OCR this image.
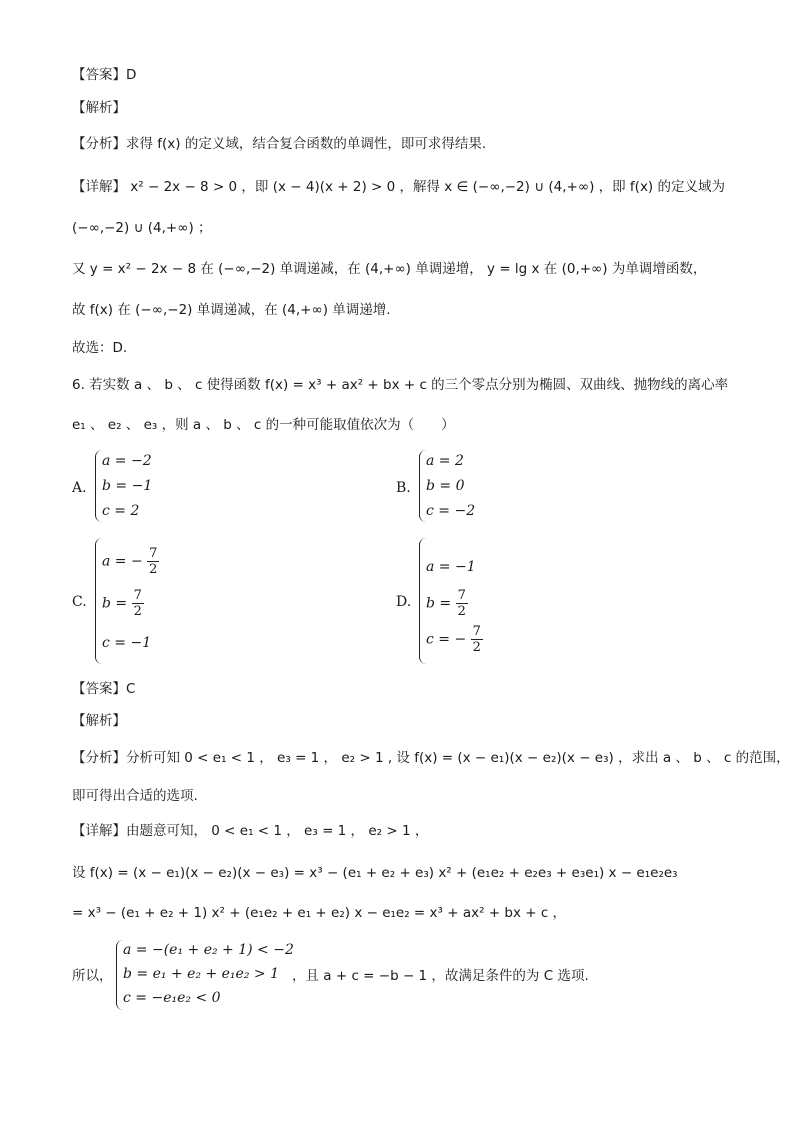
【答案】D
【解析】
【分析】求得 f(x) 的定义域，结合复合函数的单调性，即可求得结果.
【详解】 x² − 2x − 8 > 0 ，即 (x − 4)(x + 2) > 0 ，解得 x ∈ (−∞,−2) ∪ (4,+∞) ，即 f(x) 的定义域为
(−∞,−2) ∪ (4,+∞) ；
又 y = x² − 2x − 8 在 (−∞,−2) 单调递减，在 (4,+∞) 单调递增， y = lg x 在 (0,+∞) 为单调增函数，
故 f(x) 在 (−∞,−2) 单调递减，在 (4,+∞) 单调递增.
故选：D.
6. 若实数 a 、 b 、 c 使得函数 f(x) = x³ + ax² + bx + c 的三个零点分别为椭圆、双曲线、抛物线的离心率
e₁ 、 e₂ 、 e₃ ，则 a 、 b 、 c 的一种可能取值依次为（　　）
A.
a = −2
b = −1
c = 2
B.
a = 2
b = 0
c = −2
C.
a = − $\frac{7}{2}$
$b = \frac{7}{2}$
c = −1
D.
a = −1
$b = \frac{7}{2}$
c = − $\frac{7}{2}$
【答案】C
【解析】
【分析】分析可知 0 < e₁ < 1 ， e₃ = 1 ， e₂ > 1 , 设 f(x) = (x − e₁)(x − e₂)(x − e₃) ，求出 a 、 b 、 c 的范围，
即可得出合适的选项.
【详解】由题意可知， 0 < e₁ < 1 ， e₃ = 1 ， e₂ > 1 ，
设 f(x) = (x − e₁)(x − e₂)(x − e₃) = x³ − (e₁ + e₂ + e₃) x² + (e₁e₂ + e₂e₃ + e₃e₁) x − e₁e₂e₃
= x³ − (e₁ + e₂ + 1) x² + (e₁e₂ + e₁ + e₂) x − e₁e₂ = x³ + ax² + bx + c ，
所以，
a = −(e₁ + e₂ + 1) < −2
b = e₁ + e₂ + e₁e₂ > 1
c = −e₁e₂ < 0
，且 a + c = −b − 1 ，故满足条件的为 C 选项.
